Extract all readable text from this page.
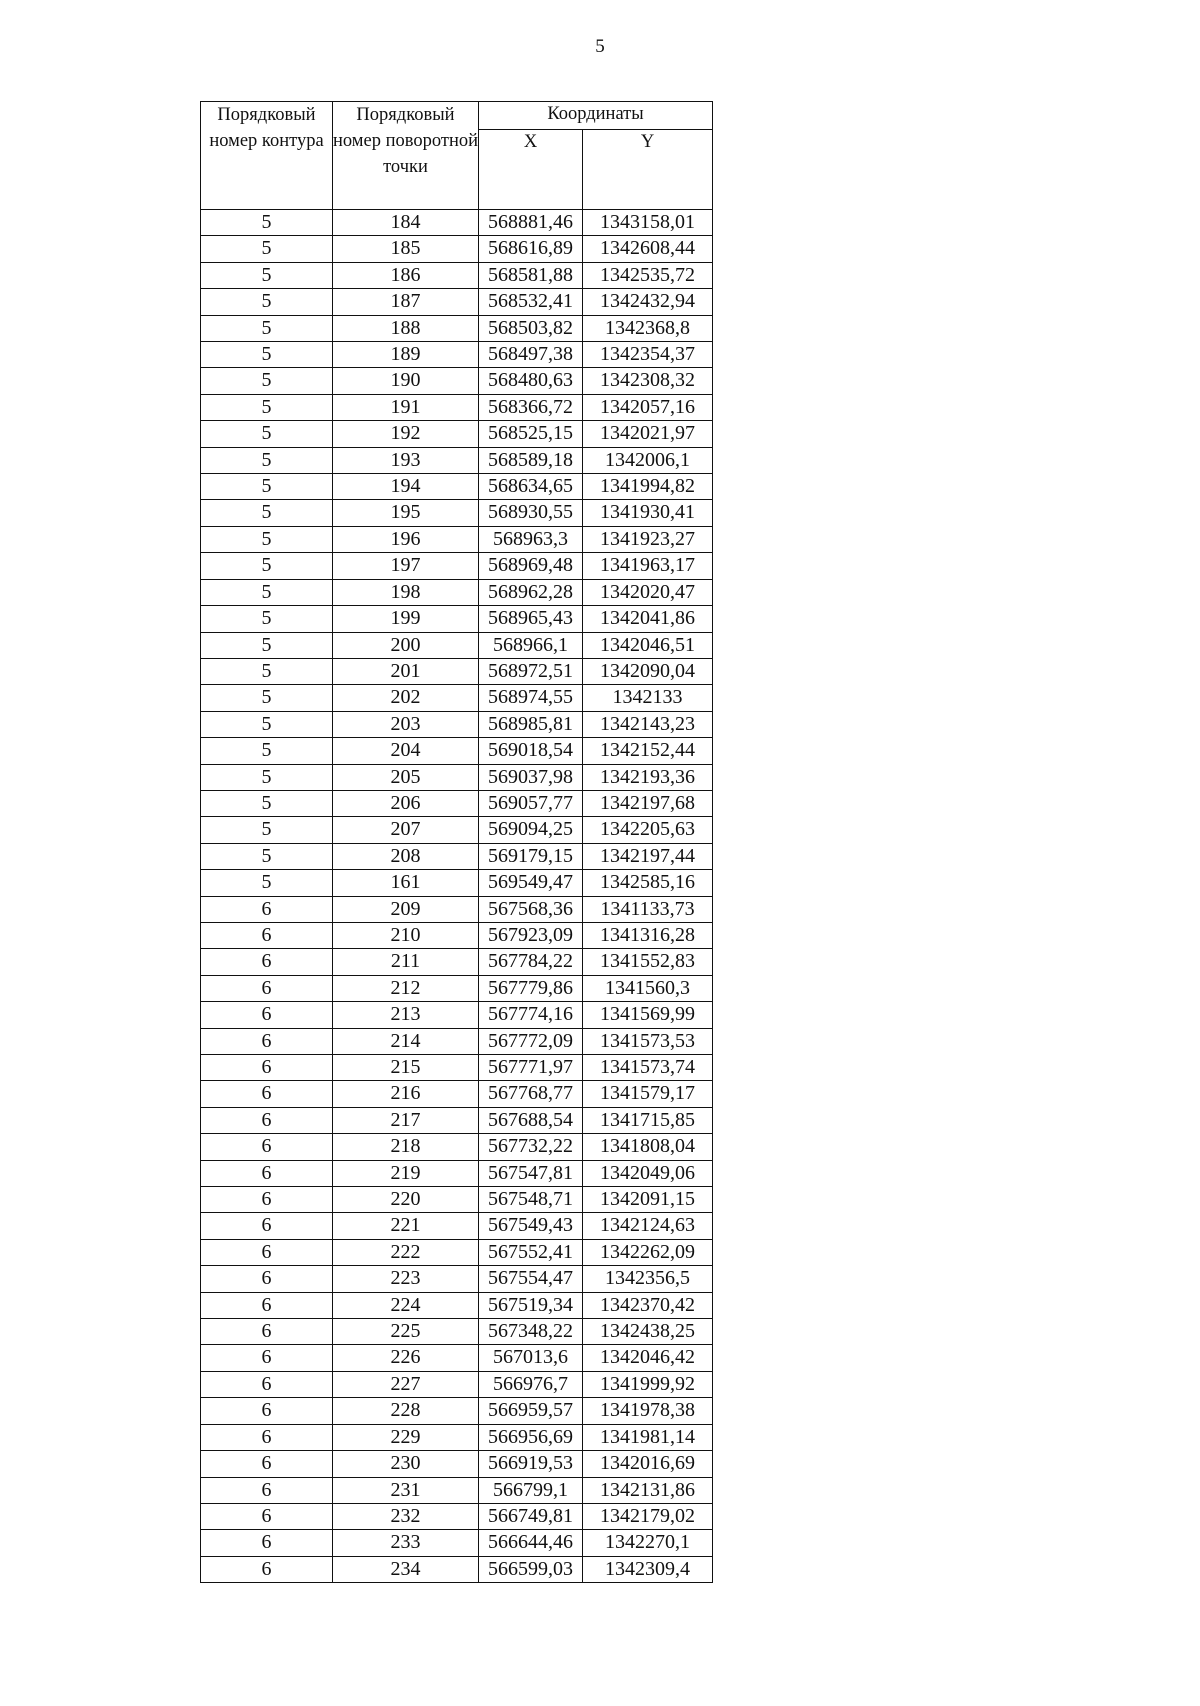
5
Порядковый номер контура	Порядковый номер поворотной точки	Координаты	
		X	Y
5	184	568881,46	1343158,01
5	185	568616,89	1342608,44
5	186	568581,88	1342535,72
5	187	568532,41	1342432,94
5	188	568503,82	1342368,8
5	189	568497,38	1342354,37
5	190	568480,63	1342308,32
5	191	568366,72	1342057,16
5	192	568525,15	1342021,97
5	193	568589,18	1342006,1
5	194	568634,65	1341994,82
5	195	568930,55	1341930,41
5	196	568963,3	1341923,27
5	197	568969,48	1341963,17
5	198	568962,28	1342020,47
5	199	568965,43	1342041,86
5	200	568966,1	1342046,51
5	201	568972,51	1342090,04
5	202	568974,55	1342133
5	203	568985,81	1342143,23
5	204	569018,54	1342152,44
5	205	569037,98	1342193,36
5	206	569057,77	1342197,68
5	207	569094,25	1342205,63
5	208	569179,15	1342197,44
5	161	569549,47	1342585,16
6	209	567568,36	1341133,73
6	210	567923,09	1341316,28
6	211	567784,22	1341552,83
6	212	567779,86	1341560,3
6	213	567774,16	1341569,99
6	214	567772,09	1341573,53
6	215	567771,97	1341573,74
6	216	567768,77	1341579,17
6	217	567688,54	1341715,85
6	218	567732,22	1341808,04
6	219	567547,81	1342049,06
6	220	567548,71	1342091,15
6	221	567549,43	1342124,63
6	222	567552,41	1342262,09
6	223	567554,47	1342356,5
6	224	567519,34	1342370,42
6	225	567348,22	1342438,25
6	226	567013,6	1342046,42
6	227	566976,7	1341999,92
6	228	566959,57	1341978,38
6	229	566956,69	1341981,14
6	230	566919,53	1342016,69
6	231	566799,1	1342131,86
6	232	566749,81	1342179,02
6	233	566644,46	1342270,1
6	234	566599,03	1342309,4
